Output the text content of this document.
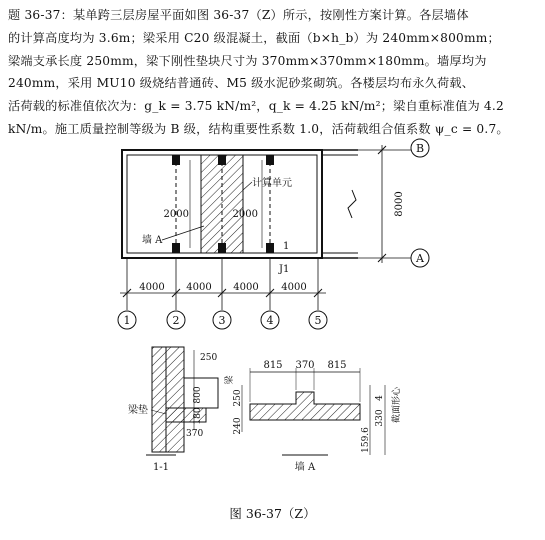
题 36-37：某单跨三层房屋平面如图 36-37（Z）所示，按刚性方案计算。各层墙体
的计算高度均为 3.6m；梁采用 C20 级混凝土，截面（b×h_b）为 240mm×800mm；
梁端支承长度 250mm，梁下刚性垫块尺寸为 370mm×370mm×180mm。墙厚均为
240mm，采用 MU10 级烧结普通砖、M5 级水泥砂浆砌筑。各楼层均布永久荷载、
活荷载的标准值依次为：g_k = 3.75 kN/m²，q_k = 4.25 kN/m²；梁自重标准值为 4.2
kN/m。施工质量控制等级为 B 级，结构重要性系数 1.0，活荷载组合值系数 ψ_c = 0.7。
4000 4000 4000 4000
1	2	3	4	5
8000
B
A
2000	2000
计算单元
墙 A
1
J1
250
800
180
370
梁
梁垫
1-1
815 370 815
250
240
4
330
159.6
截面形心
墙 A
图 36-37（Z）
